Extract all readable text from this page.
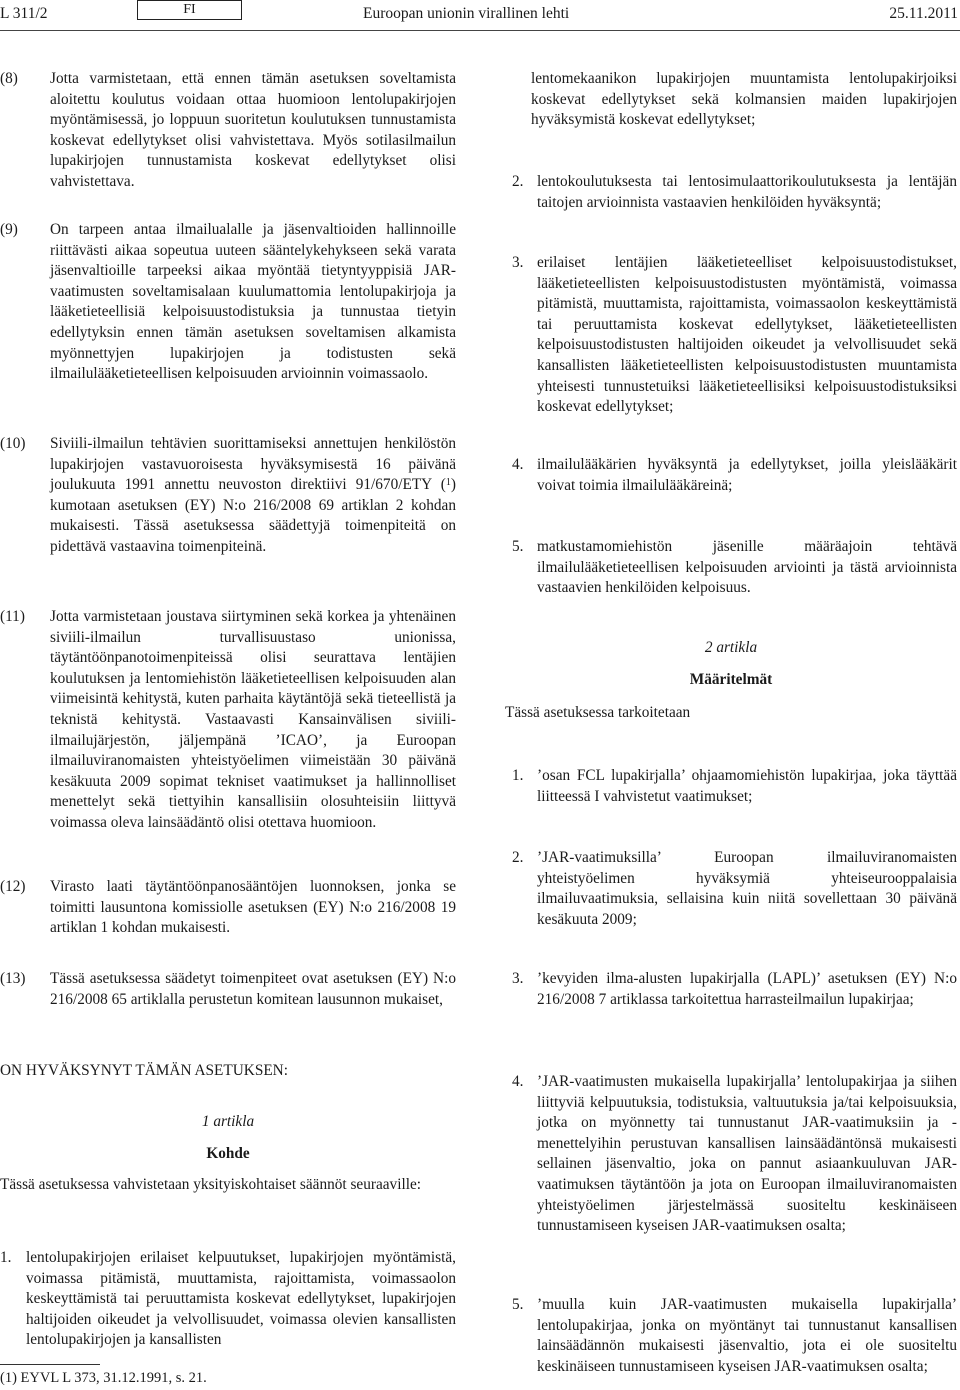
L 311/2	FI	Euroopan unionin virallinen lehti	25.11.2011
(8)	Jotta varmistetaan, että ennen tämän asetuksen soveltamista aloitettu koulutus voidaan ottaa huomioon lentolupakirjojen myöntämisessä, jo loppuun suoritetun koulutuksen tunnustamista koskevat edellytykset olisi vahvistettava. Myös sotilasilmailun lupakirjojen tunnustamista koskevat edellytykset olisi vahvistettava.
(9)	On tarpeen antaa ilmailualalle ja jäsenvaltioiden hallinnoille riittävästi aikaa sopeutua uuteen sääntelykehykseen sekä varata jäsenvaltioille tarpeeksi aikaa myöntää tietyntyyppisiä JAR-vaatimusten soveltamisalaan kuulumattomia lentolupakirjoja ja lääketieteellisiä kelpoisuustodistuksia ja tunnustaa tietyin edellytyksin ennen tämän asetuksen soveltamisen alkamista myönnettyjen lupakirjojen ja todistusten sekä ilmailulääketieteellisen kelpoisuuden arvioinnin voimassaolo.
(10)	Siviili-ilmailun tehtävien suorittamiseksi annettujen henkilöstön lupakirjojen vastavuoroisesta hyväksymisestä 16 päivänä joulukuuta 1991 annettu neuvoston direktiivi 91/670/ETY ($^1$) kumotaan asetuksen (EY) N:o 216/2008 69 artiklan 2 kohdan mukaisesti. Tässä asetuksessa säädettyjä toimenpiteitä on pidettävä vastaavina toimenpiteinä.
(11)	Jotta varmistetaan joustava siirtyminen sekä korkea ja yhtenäinen siviili-ilmailun turvallisuustaso unionissa, täytäntöönpanotoimenpiteissä olisi seurattava lentäjien koulutuksen ja lentomiehistön lääketieteellisen kelpoisuuden alan viimeisintä kehitystä, kuten parhaita käytäntöjä sekä tieteellistä ja teknistä kehitystä. Vastaavasti Kansainvälisen siviili-ilmailujärjestön, jäljempänä ’ICAO’, ja Euroopan ilmailuviranomaisten yhteistyöelimen viimeistään 30 päivänä kesäkuuta 2009 sopimat tekniset vaatimukset ja hallinnolliset menettelyt sekä tiettyihin kansallisiin olosuhteisiin liittyvä voimassa oleva lainsäädäntö olisi otettava huomioon.
(12)	Virasto laati täytäntöönpanosääntöjen luonnoksen, jonka se toimitti lausuntona komissiolle asetuksen (EY) N:o 216/2008 19 artiklan 1 kohdan mukaisesti.
(13)	Tässä asetuksessa säädetyt toimenpiteet ovat asetuksen (EY) N:o 216/2008 65 artiklalla perustetun komitean lausunnon mukaiset,
ON HYVÄKSYNYT TÄMÄN ASETUKSEN:
1 artikla
Kohde
Tässä asetuksessa vahvistetaan yksityiskohtaiset säännöt seuraaville:
1. lentolupakirjojen erilaiset kelpuutukset, lupakirjojen myöntämistä, voimassa pitämistä, muuttamista, rajoittamista, voimassaolon keskeyttämistä tai peruuttamista koskevat edellytykset, lupakirjojen haltijoiden oikeudet ja velvollisuudet, voimassa olevien kansallisten lentolupakirjojen ja kansallisten
(1) EYVL L 373, 31.12.1991, s. 21.
lentomekaanikon lupakirjojen muuntamista lentolupakirjoiksi koskevat edellytykset sekä kolmansien maiden lupakirjojen hyväksymistä koskevat edellytykset;
2. lentokoulutuksesta tai lentosimulaattorikoulutuksesta ja lentäjän taitojen arvioinnista vastaavien henkilöiden hyväksyntä;
3. erilaiset lentäjien lääketieteelliset kelpoisuustodistukset, lääketieteellisten kelpoisuustodistusten myöntämistä, voimassa pitämistä, muuttamista, rajoittamista, voimassaolon keskeyttämistä tai peruuttamista koskevat edellytykset, lääketieteellisten kelpoisuustodistusten haltijoiden oikeudet ja velvollisuudet sekä kansallisten lääketieteellisten kelpoisuustodistusten muuntamista yhteisesti tunnustetuiksi lääketieteellisiksi kelpoisuustodistuksiksi koskevat edellytykset;
4. ilmailulääkärien hyväksyntä ja edellytykset, joilla yleislääkärit voivat toimia ilmailulääkäreinä;
5. matkustamomiehistön jäsenille määräajoin tehtävä ilmailulääketieteellisen kelpoisuuden arviointi ja tästä arvioinnista vastaavien henkilöiden kelpoisuus.
2 artikla
Määritelmät
Tässä asetuksessa tarkoitetaan
1. ’osan FCL lupakirjalla’ ohjaamomiehistön lupakirjaa, joka täyttää liitteessä I vahvistetut vaatimukset;
2. ’JAR-vaatimuksilla’ Euroopan ilmailuviranomaisten yhteistyöelimen hyväksymiä yhteiseurooppalaisia ilmailuvaatimuksia, sellaisina kuin niitä sovellettaan 30 päivänä kesäkuuta 2009;
3. ’kevyiden ilma-alusten lupakirjalla (LAPL)’ asetuksen (EY) N:o 216/2008 7 artiklassa tarkoitettua harrasteilmailun lupakirjaa;
4. ’JAR-vaatimusten mukaisella lupakirjalla’ lentolupakirjaa ja siihen liittyviä kelpuutuksia, todistuksia, valtuutuksia ja/tai kelpoisuuksia, jotka on myönnetty tai tunnustanut JAR-vaatimuksiin ja -menettelyihin perustuvan kansallisen lainsäädäntönsä mukaisesti sellainen jäsenvaltio, joka on pannut asiaankuuluvan JAR-vaatimuksen täytäntöön ja jota on Euroopan ilmailuviranomaisten yhteistyöelimen järjestelmässä suositeltu keskinäiseen tunnustamiseen kyseisen JAR-vaatimuksen osalta;
5. ’muulla kuin JAR-vaatimusten mukaisella lupakirjalla’ lentolupakirjaa, jonka on myöntänyt tai tunnustanut kansallisen lainsäädännön mukaisesti jäsenvaltio, jota ei ole suositeltu keskinäiseen tunnustamiseen kyseisen JAR-vaatimuksen osalta;
